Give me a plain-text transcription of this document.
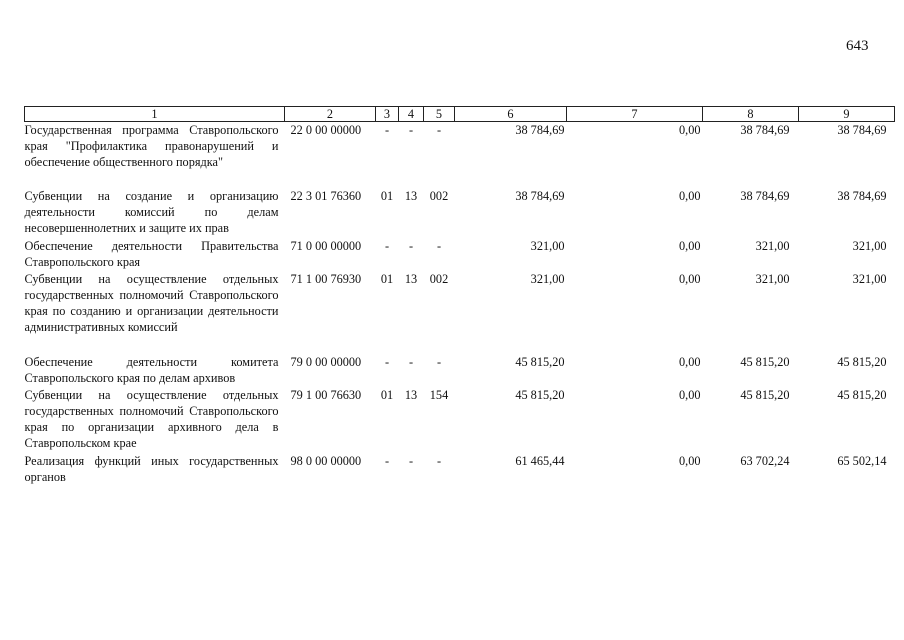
643
1	2	3	4	5	6	7	8	9
Государственная программа Ставропольского края "Профилактика правонарушений и обеспечение общественного порядка"	22 0 00 00000	-	-	-	38 784,69	0,00	38 784,69	38 784,69
Субвенции на создание и организацию деятельности комиссий по делам несовершеннолетних и защите их прав	22 3 01 76360	01	13	002	38 784,69	0,00	38 784,69	38 784,69
Обеспечение деятельности Правительства Ставропольского края	71 0 00 00000	-	-	-	321,00	0,00	321,00	321,00
Субвенции на осуществление отдельных государственных полномочий Ставропольского края по созданию и организации деятельности административных комиссий	71 1 00 76930	01	13	002	321,00	0,00	321,00	321,00
Обеспечение деятельности комитета Ставропольского края по делам архивов	79 0 00 00000	-	-	-	45 815,20	0,00	45 815,20	45 815,20
Субвенции на осуществление отдельных государственных полномочий Ставропольского края по организации архивного дела в Ставропольском крае	79 1 00 76630	01	13	154	45 815,20	0,00	45 815,20	45 815,20
Реализация функций иных государственных органов	98 0 00 00000	-	-	-	61 465,44	0,00	63 702,24	65 502,14
